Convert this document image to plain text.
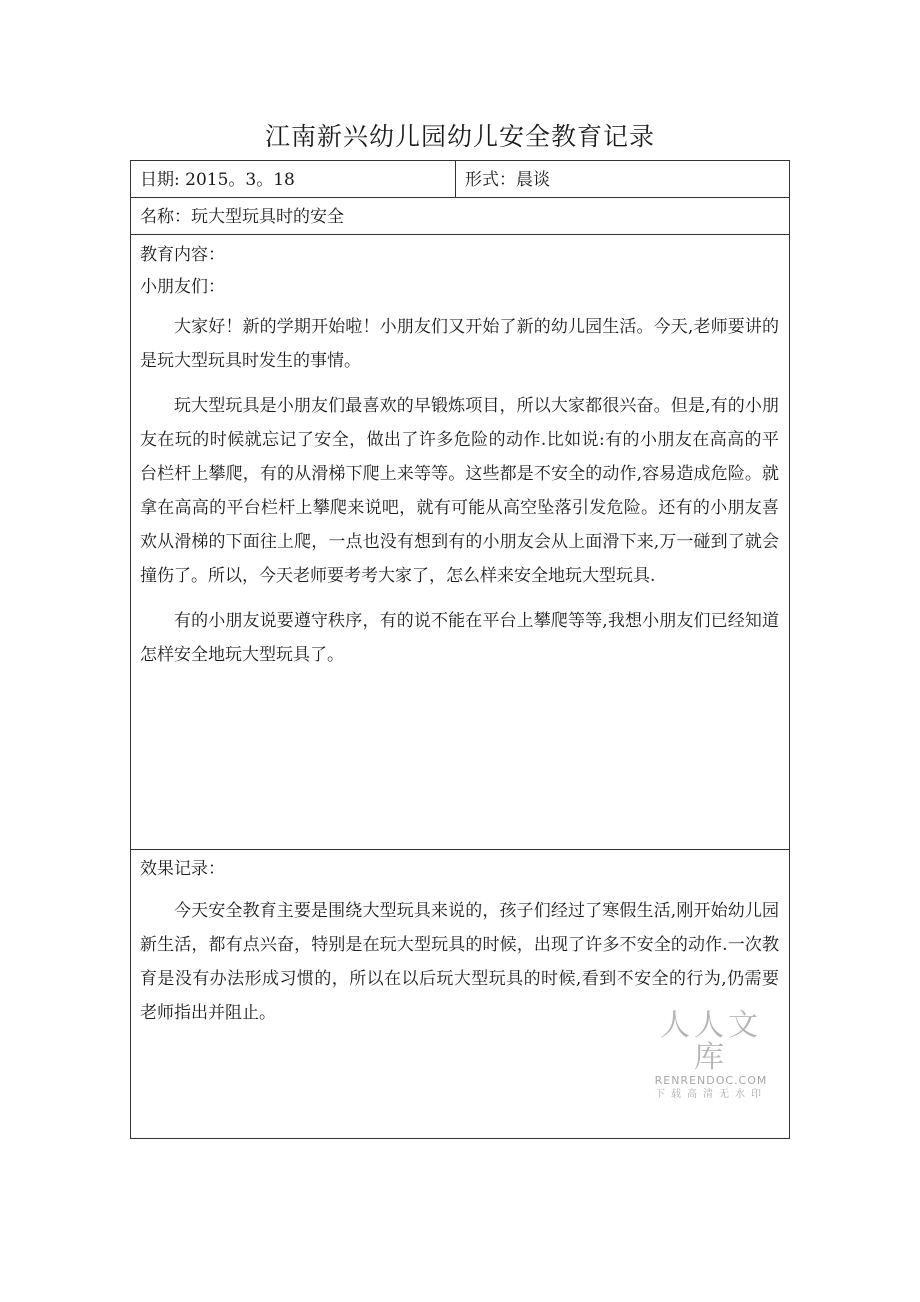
江南新兴幼儿园幼儿安全教育记录
日期: 2015。3。18	形式：晨谈

名称：玩大型玩具时的安全

教育内容：
小朋友们：

大家好！新的学期开始啦！小朋友们又开始了新的幼儿园生活。今天,老师要讲的是玩大型玩具时发生的事情。

玩大型玩具是小朋友们最喜欢的早锻炼项目，所以大家都很兴奋。但是,有的小朋友在玩的时候就忘记了安全，做出了许多危险的动作.比如说:有的小朋友在高高的平台栏杆上攀爬，有的从滑梯下爬上来等等。这些都是不安全的动作,容易造成危险。就拿在高高的平台栏杆上攀爬来说吧，就有可能从高空坠落引发危险。还有的小朋友喜欢从滑梯的下面往上爬，一点也没有想到有的小朋友会从上面滑下来,万一碰到了就会撞伤了。所以，今天老师要考考大家了，怎么样来安全地玩大型玩具.

有的小朋友说要遵守秩序，有的说不能在平台上攀爬等等,我想小朋友们已经知道怎样安全地玩大型玩具了。

效果记录：

今天安全教育主要是围绕大型玩具来说的，孩子们经过了寒假生活,刚开始幼儿园新生活，都有点兴奋，特别是在玩大型玩具的时候，出现了许多不安全的动作.一次教育是没有办法形成习惯的，所以在以后玩大型玩具的时候,看到不安全的行为,仍需要老师指出并阻止。	人人文库
RENRENDOC.COM
下载高清无水印
